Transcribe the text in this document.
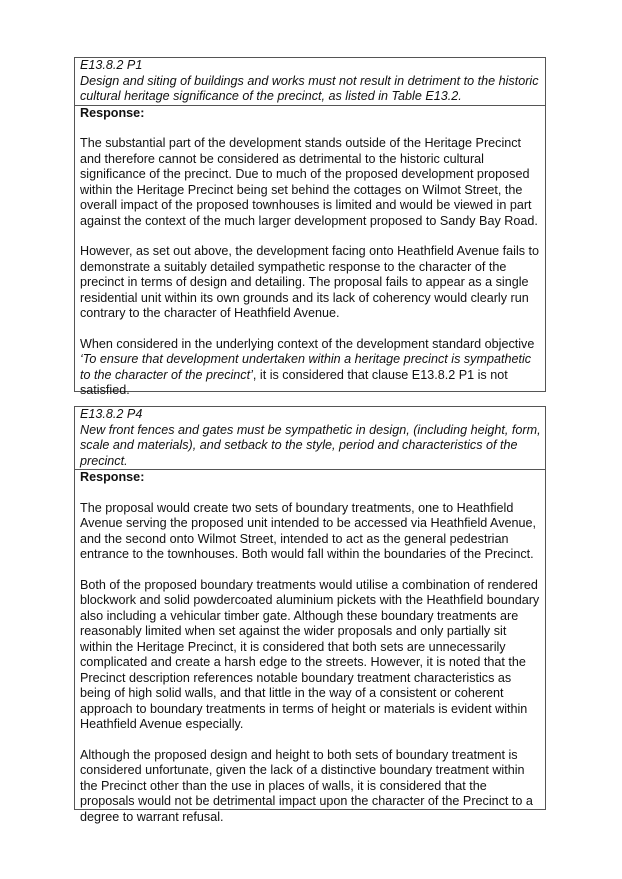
E13.8.2 P1
Design and siting of buildings and works must not result in detriment to the historic cultural heritage significance of the precinct, as listed in Table E13.2.
Response:

The substantial part of the development stands outside of the Heritage Precinct and therefore cannot be considered as detrimental to the historic cultural significance of the precinct. Due to much of the proposed development proposed within the Heritage Precinct being set behind the cottages on Wilmot Street, the overall impact of the proposed townhouses is limited and would be viewed in part against the context of the much larger development proposed to Sandy Bay Road.

However, as set out above, the development facing onto Heathfield Avenue fails to demonstrate a suitably detailed sympathetic response to the character of the precinct in terms of design and detailing. The proposal fails to appear as a single residential unit within its own grounds and its lack of coherency would clearly run contrary to the character of Heathfield Avenue.

When considered in the underlying context of the development standard objective ‘To ensure that development undertaken within a heritage precinct is sympathetic to the character of the precinct’, it is considered that clause E13.8.2 P1 is not satisfied.

E13.8.2 P4
New front fences and gates must be sympathetic in design, (including height, form, scale and materials), and setback to the style, period and characteristics of the precinct.
Response:

The proposal would create two sets of boundary treatments, one to Heathfield Avenue serving the proposed unit intended to be accessed via Heathfield Avenue, and the second onto Wilmot Street, intended to act as the general pedestrian entrance to the townhouses. Both would fall within the boundaries of the Precinct.

Both of the proposed boundary treatments would utilise a combination of rendered blockwork and solid powdercoated aluminium pickets with the Heathfield boundary also including a vehicular timber gate. Although these boundary treatments are reasonably limited when set against the wider proposals and only partially sit within the Heritage Precinct, it is considered that both sets are unnecessarily complicated and create a harsh edge to the streets. However, it is noted that the Precinct description references notable boundary treatment characteristics as being of high solid walls, and that little in the way of a consistent or coherent approach to boundary treatments in terms of height or materials is evident within Heathfield Avenue especially.

Although the proposed design and height to both sets of boundary treatment is considered unfortunate, given the lack of a distinctive boundary treatment within the Precinct other than the use in places of walls, it is considered that the proposals would not be detrimental impact upon the character of the Precinct to a degree to warrant refusal.
